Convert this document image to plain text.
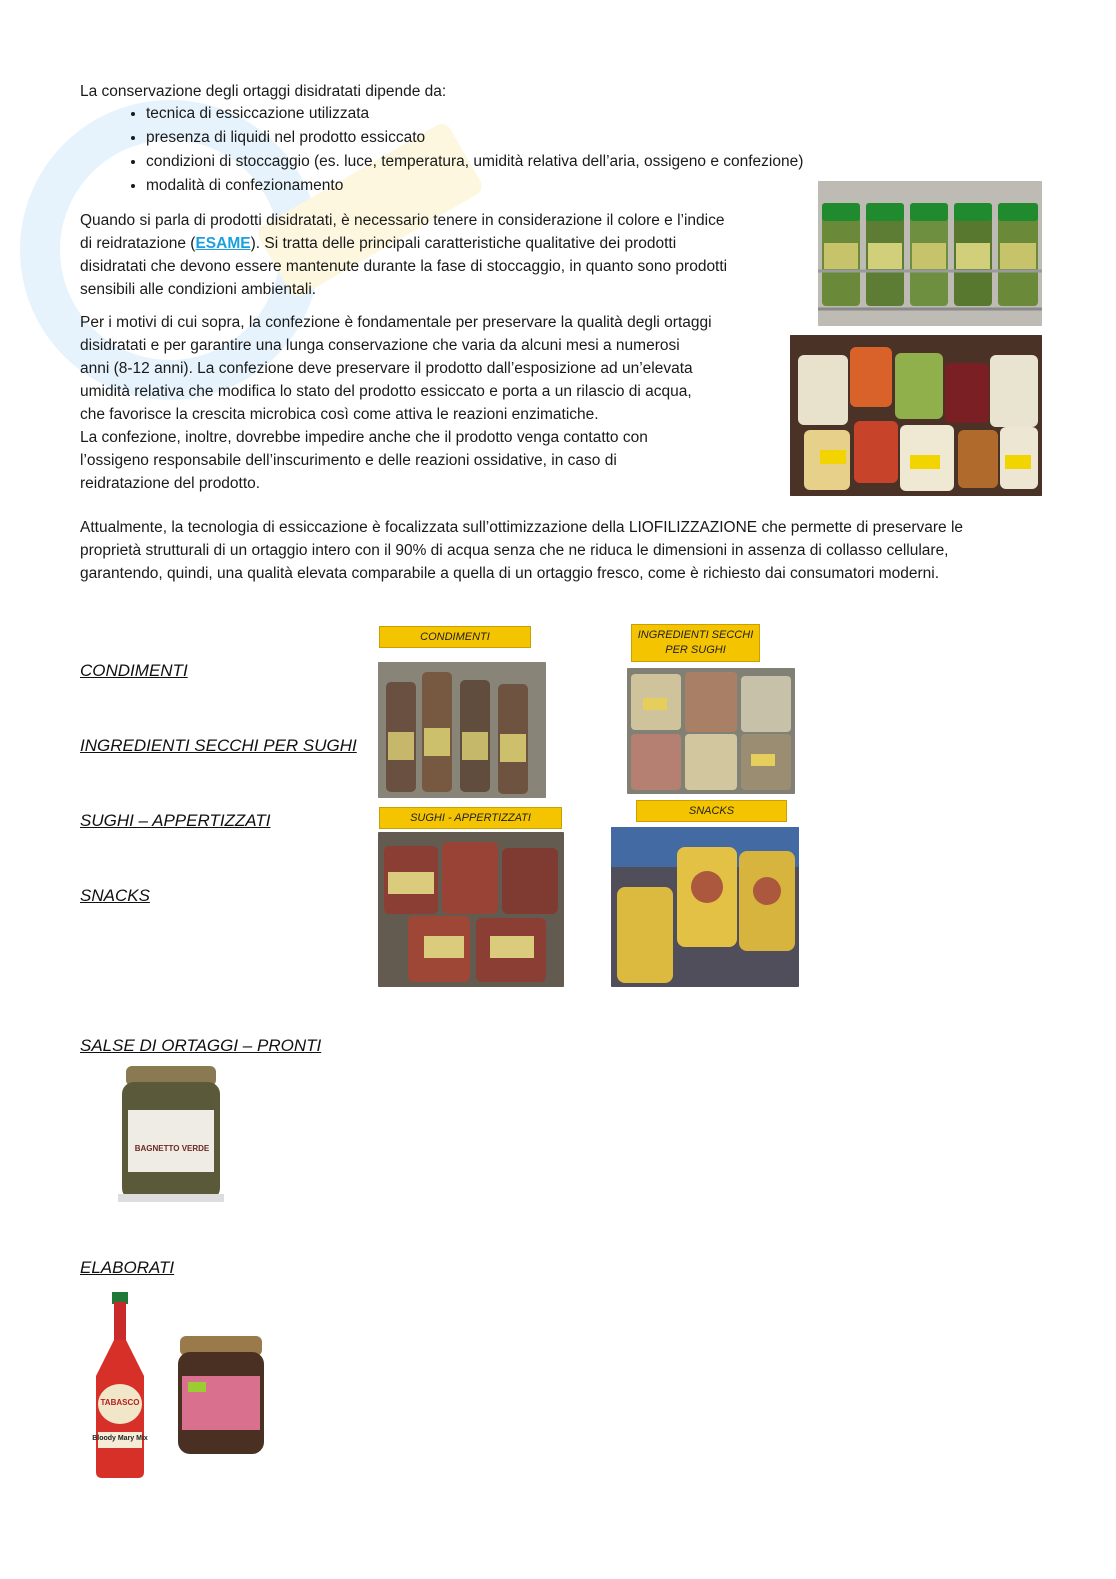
La conservazione degli ortaggi disidratati dipende da:
• tecnica di essiccazione utilizzata
• presenza di liquidi nel prodotto essiccato
• condizioni di stoccaggio (es. luce, temperatura, umidità relativa dell’aria, ossigeno e confezione)
• modalità di confezionamento
Quando si parla di prodotti disidratati, è necessario tenere in considerazione il colore e l’indice
di reidratazione (ESAME). Si tratta delle principali caratteristiche qualitative dei prodotti
disidratati che devono essere mantenute durante la fase di stoccaggio, in quanto sono prodotti
sensibili alle condizioni ambientali.
Per i motivi di cui sopra, la confezione è fondamentale per preservare la qualità degli ortaggi
disidratati e per garantire una lunga conservazione che varia da alcuni mesi a numerosi
anni (8-12 anni). La confezione deve preservare il prodotto dall’esposizione ad un’elevata
umidità relativa che modifica lo stato del prodotto essiccato e porta a un rilascio di acqua,
che favorisce la crescita microbica così come attiva le reazioni enzimatiche.
La confezione, inoltre, dovrebbe impedire anche che il prodotto venga contatto con
l’ossigeno responsabile dell’inscurimento e delle reazioni ossidative, in caso di
reidratazione del prodotto.
Attualmente, la tecnologia di essiccazione è focalizzata sull’ottimizzazione della LIOFILIZZAZIONE che permette di preservare le
proprietà strutturali di un ortaggio intero con il 90% di acqua senza che ne riduca le dimensioni in assenza di collasso cellulare,
garantendo, quindi, una qualità elevata comparabile a quella di un ortaggio fresco, come è richiesto dai consumatori moderni.
CONDIMENTI
INGREDIENTI SECCHI PER SUGHI
SUGHI – APPERTIZZATI
SNACKS
CONDIMENTI	INGREDIENTI SECCHI
PER SUGHI
SUGHI - APPERTIZZATI
SNACKS
SALSE DI ORTAGGI – PRONTI
BAGNETTO VERDE
ELABORATI
TABASCO
Bloody Mary Mix
